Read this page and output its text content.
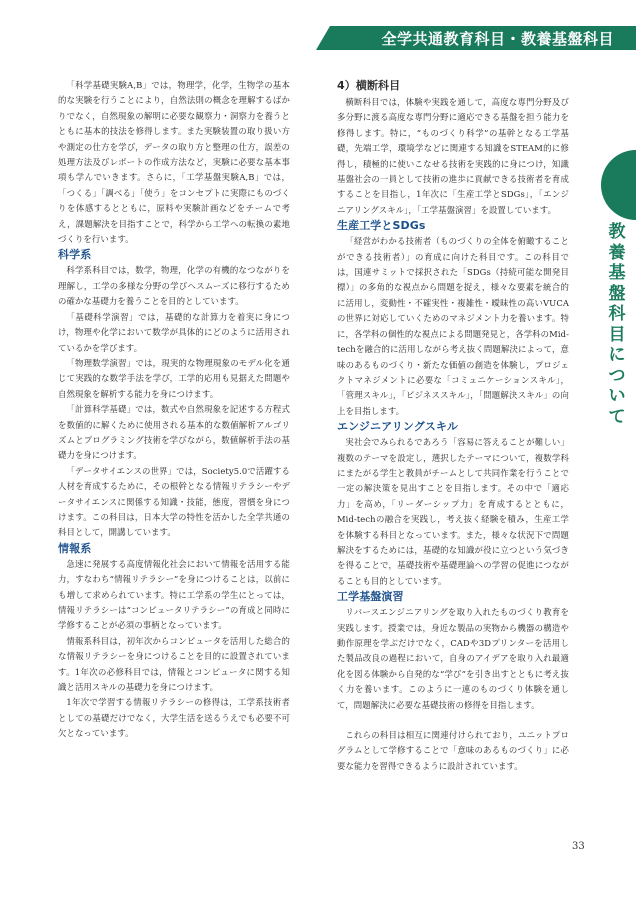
全学共通教育科目・教養基盤科目
教養基盤科目について

「科学基礎実験A,B」では，物理学，化学，生物学の基本的な実験を行うことにより，自然法則の概念を理解するばかりでなく，自然現象の解明に必要な観察力・洞察力を養うとともに基本的技法を修得します。また実験装置の取り扱い方や測定の仕方を学び，データの取り方と整理の仕方，誤差の処理方法及びレポートの作成方法など，実験に必要な基本事項も学んでいきます。さらに，「工学基盤実験A,B」では，「つくる」「調べる」「使う」をコンセプトに実際にものづくりを体感するとともに，原料や実験計画などをチームで考え，課題解決を目指すことで，科学から工学への転換の素地づくりを行います。

科学系

科学系科目では，数学，物理，化学の有機的なつながりを理解し，工学の多様な分野の学びへスムーズに移行するための確かな基礎力を養うことを目的としています。

「基礎科学演習」では，基礎的な計算力を着実に身につけ，物理や化学において数学が具体的にどのように活用されているかを学びます。

「物理数学演習」では，現実的な物理現象のモデル化を通じて実践的な数学手法を学び，工学的応用も見据えた問題や自然現象を解析する能力を身につけます。

「計算科学基礎」では，数式や自然現象を記述する方程式を数値的に解くために使用される基本的な数値解析アルゴリズムとプログラミング技術を学びながら，数値解析手法の基礎力を身につけます。

「データサイエンスの世界」では，Society5.0で活躍する人材を育成するために，その根幹となる情報リテラシーやデータサイエンスに関係する知識・技能，態度，習慣を身につけます。この科目は，日本大学の特性を活かした全学共通の科目として，開講しています。

情報系

急速に発展する高度情報化社会において情報を活用する能力，すなわち“情報リテラシー”を身につけることは，以前にも増して求められています。特に工学系の学生にとっては，情報リテラシーは“コンピュータリテラシー”の育成と同時に学修することが必須の事柄となっています。

情報系科目は，初年次からコンピュータを活用した総合的な情報リテラシーを身につけることを目的に設置されています。1年次の必修科目では，情報とコンピュータに関する知識と活用スキルの基礎力を身につけます。

1年次で学習する情報リテラシーの修得は，工学系技術者としての基礎だけでなく，大学生活を送るうえでも必要不可欠となっています。

4）横断科目

横断科目では，体験や実践を通して，高度な専門分野及び多分野に渡る高度な専門分野に適応できる基盤を担う能力を修得します。特に，“ものづくり科学”の基幹となる工学基礎，先端工学，環境学などに関連する知識をSTEAM的に修得し，積極的に使いこなせる技術を実践的に身につけ，知識基盤社会の一員として技術の進歩に貢献できる技術者を育成することを目指し，1年次に「生産工学とSDGs」，「エンジニアリングスキル」，「工学基盤演習」を設置しています。

生産工学とSDGs

「経営がわかる技術者（ものづくりの全体を俯瞰することができる技術者）」の育成に向けた科目です。この科目では，国連サミットで採択された「SDGs（持続可能な開発目標）」の多角的な視点から問題を捉え，様々な要素を統合的に活用し，変動性・不確実性・複雑性・曖昧性の高いVUCAの世界に対応していくためのマネジメント力を養います。特に，各学科の個性的な視点による問題発見と，各学科のMid-techを融合的に活用しながら考え抜く問題解決によって，意味のあるものづくり・新たな価値の創造を体験し，プロジェクトマネジメントに必要な「コミュニケーションスキル」，「管理スキル」，「ビジネススキル」，「問題解決スキル」の向上を目指します。

エンジニアリングスキル

実社会でみられるであろう「容易に答えることが難しい」複数のテーマを設定し，選択したテーマについて，複数学科にまたがる学生と教員がチームとして共同作業を行うことで一定の解決策を見出すことを目指します。その中で「適応力」を高め，「リーダーシップ力」を育成するとともに，Mid-techの融合を実践し，考え抜く経験を積み，生産工学を体験する科目となっています。また，様々な状況下で問題解決をするためには，基礎的な知識が役に立つという気づきを得ることで，基礎技術や基礎理論への学習の促進につながることも目的としています。

工学基盤演習

リバースエンジニアリングを取り入れたものづくり教育を実践します。授業では，身近な製品の実物から機器の構造や動作原理を学ぶだけでなく，CADや3Dプリンターを活用した製品改良の過程において，自身のアイデアを取り入れ最適化を図る体験から自発的な“学び”を引き出すとともに考え抜く力を養います。このように一連のものづくり体験を通して，問題解決に必要な基礎技術の修得を目指します。

これらの科目は相互に関連付けられており，ユニットプログラムとして学修することで「意味のあるものづくり」に必要な能力を習得できるように設計されています。

33
